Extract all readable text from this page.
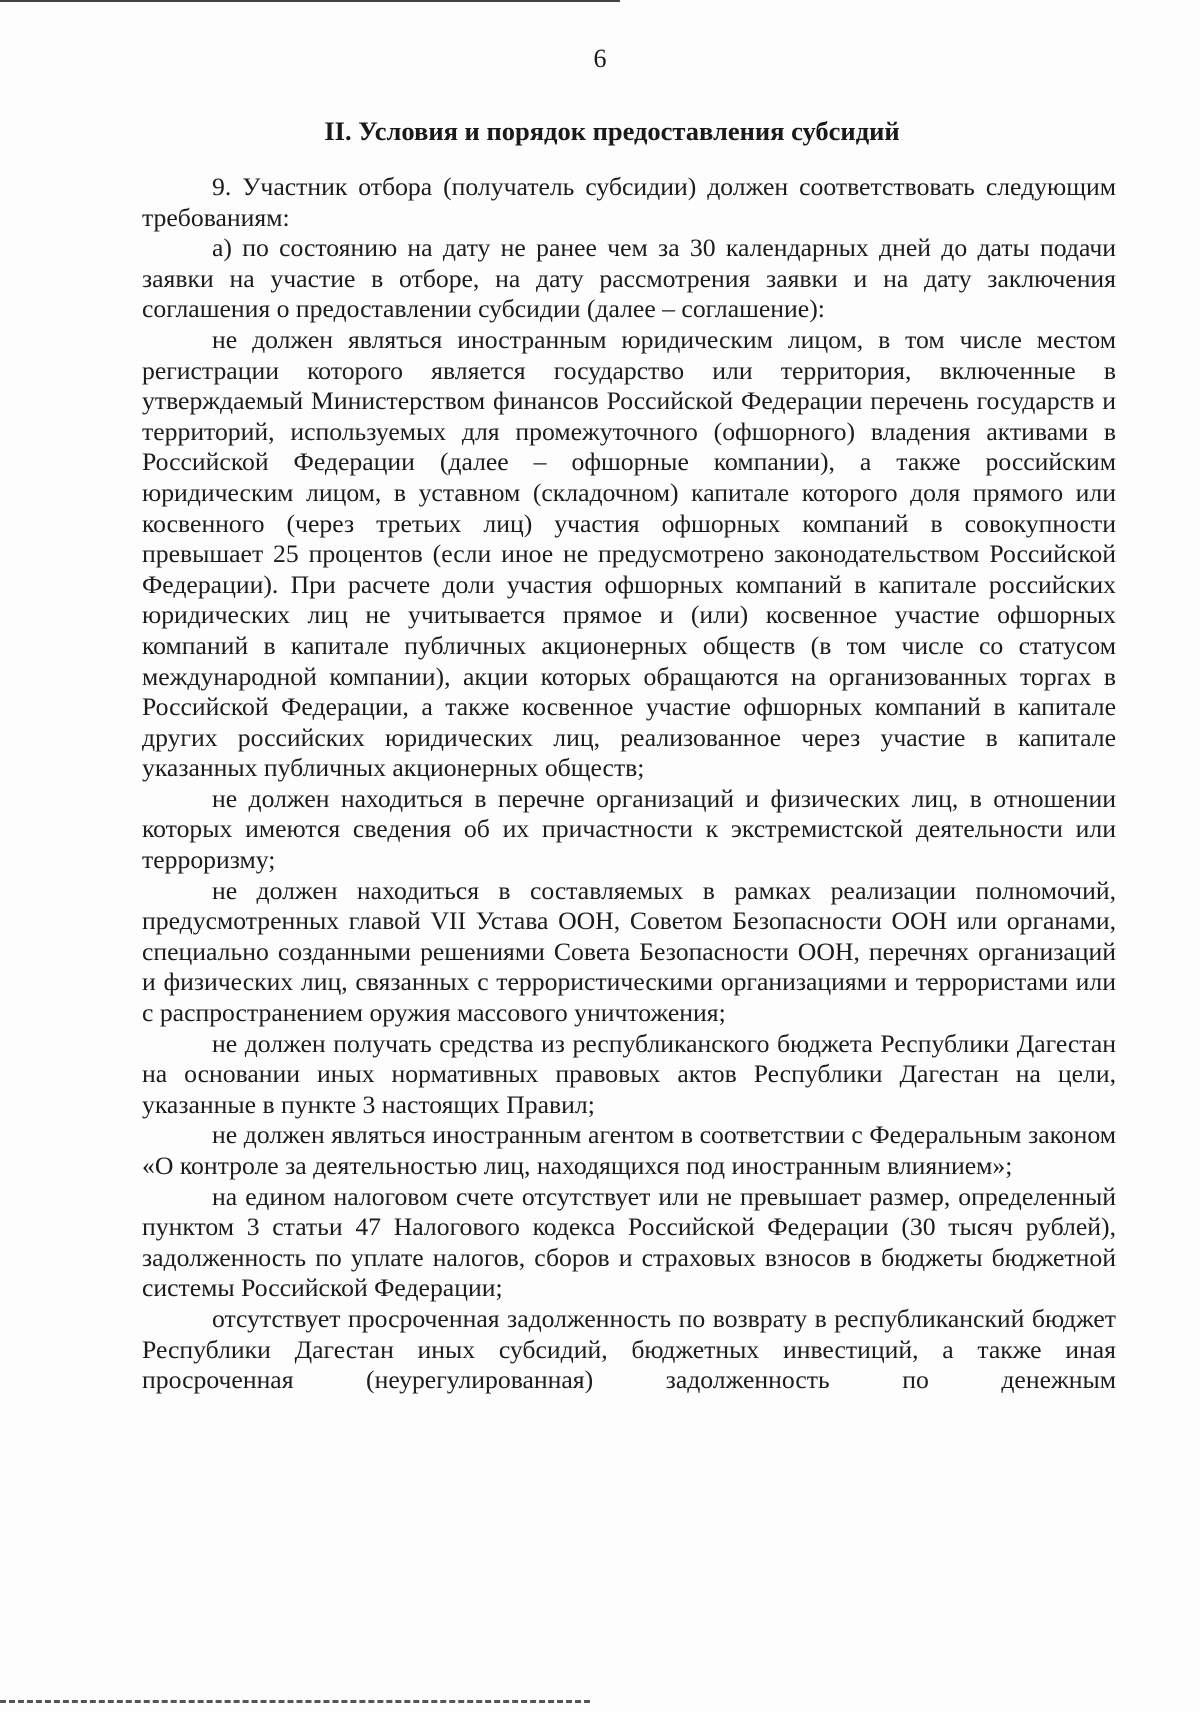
6
II. Условия и порядок предоставления субсидий

9. Участник отбора (получатель субсидии) должен соответствовать следующим требованиям:

а) по состоянию на дату не ранее чем за 30 календарных дней до даты подачи заявки на участие в отборе, на дату рассмотрения заявки и на дату заключения соглашения о предоставлении субсидии (далее – соглашение):

не должен являться иностранным юридическим лицом, в том числе местом регистрации которого является государство или территория, включенные в утверждаемый Министерством финансов Российской Федерации перечень государств и территорий, используемых для промежуточного (офшорного) владения активами в Российской Федерации (далее – офшорные компании), а также российским юридическим лицом, в уставном (складочном) капитале которого доля прямого или косвенного (через третьих лиц) участия офшорных компаний в совокупности превышает 25 процентов (если иное не предусмотрено законодательством Российской Федерации). При расчете доли участия офшорных компаний в капитале российских юридических лиц не учитывается прямое и (или) косвенное участие офшорных компаний в капитале публичных акционерных обществ (в том числе со статусом международной компании), акции которых обращаются на организованных торгах в Российской Федерации, а также косвенное участие офшорных компаний в капитале других российских юридических лиц, реализованное через участие в капитале указанных публичных акционерных обществ;

не должен находиться в перечне организаций и физических лиц, в отношении которых имеются сведения об их причастности к экстремистской деятельности или терроризму;

не должен находиться в составляемых в рамках реализации полномочий, предусмотренных главой VII Устава ООН, Советом Безопасности ООН или органами, специально созданными решениями Совета Безопасности ООН, перечнях организаций и физических лиц, связанных с террористическими организациями и террористами или с распространением оружия массового уничтожения;

не должен получать средства из республиканского бюджета Республики Дагестан на основании иных нормативных правовых актов Республики Дагестан на цели, указанные в пункте 3 настоящих Правил;

не должен являться иностранным агентом в соответствии с Федеральным законом «О контроле за деятельностью лиц, находящихся под иностранным влиянием»;

на едином налоговом счете отсутствует или не превышает размер, определенный пунктом 3 статьи 47 Налогового кодекса Российской Федерации (30 тысяч рублей), задолженность по уплате налогов, сборов и страховых взносов в бюджеты бюджетной системы Российской Федерации;

отсутствует просроченная задолженность по возврату в республиканский бюджет Республики Дагестан иных субсидий, бюджетных инвестиций, а также иная просроченная (неурегулированная) задолженность по денежным
